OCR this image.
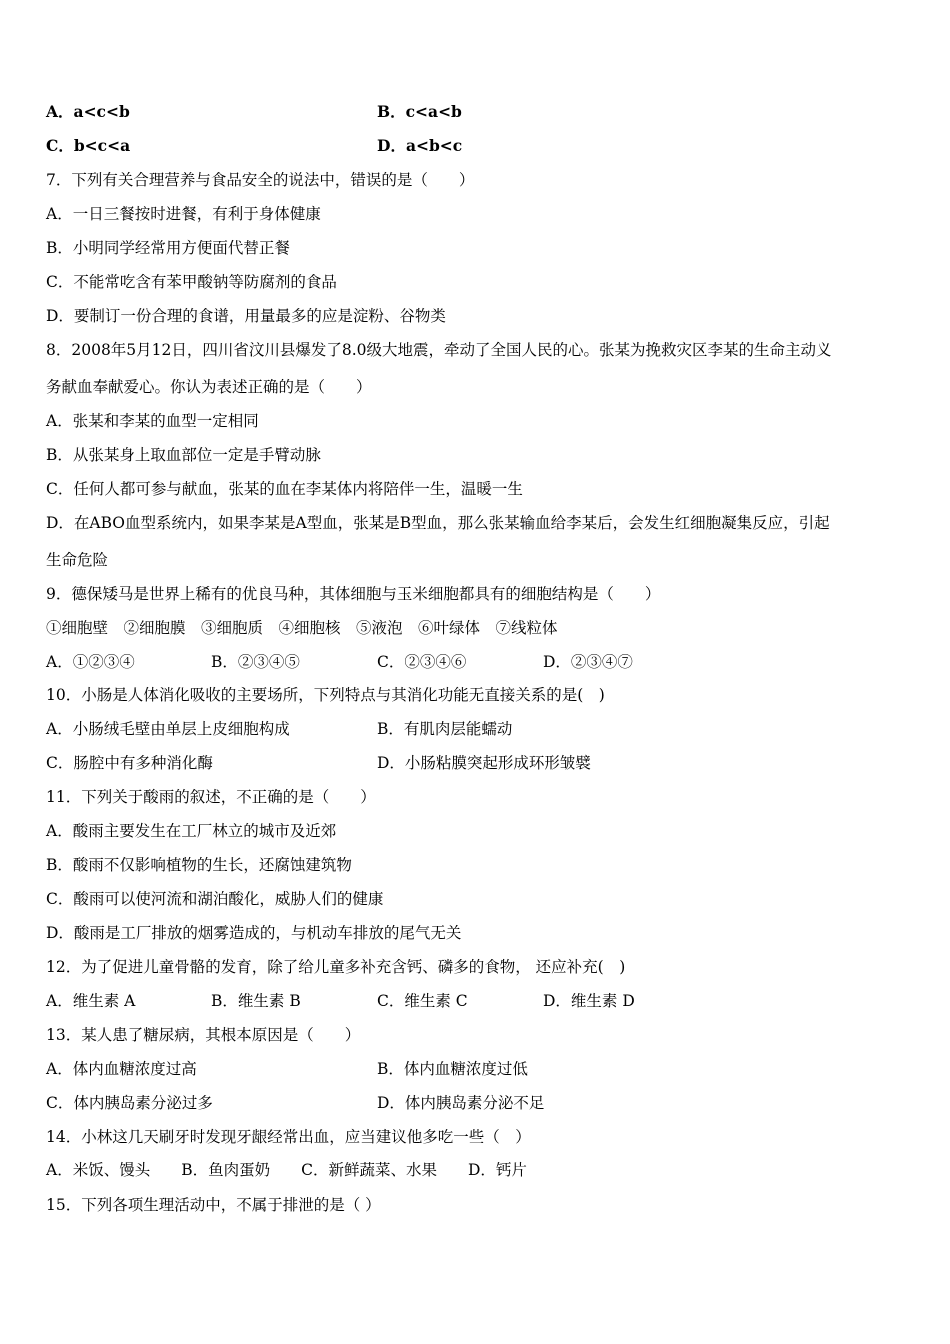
A．a<c<b	B．c<a<b
C．b<c<a	D．a<b<c
7．下列有关合理营养与食品安全的说法中，错误的是（　　）
A．一日三餐按时进餐，有利于身体健康
B．小明同学经常用方便面代替正餐
C．不能常吃含有苯甲酸钠等防腐剂的食品
D．要制订一份合理的食谱，用量最多的应是淀粉、谷物类
8．2008年5月12日，四川省汶川县爆发了8.0级大地震，牵动了全国人民的心。张某为挽救灾区李某的生命主动义
务献血奉献爱心。你认为表述正确的是（　　）
A．张某和李某的血型一定相同
B．从张某身上取血部位一定是手臂动脉
C．任何人都可参与献血，张某的血在李某体内将陪伴一生，温暖一生
D．在ABO血型系统内，如果李某是A型血，张某是B型血，那么张某输血给李某后，会发生红细胞凝集反应，引起
生命危险
9．德保矮马是世界上稀有的优良马种，其体细胞与玉米细胞都具有的细胞结构是（　　）
①细胞壁　②细胞膜　③细胞质　④细胞核　⑤液泡　⑥叶绿体　⑦线粒体
A．①②③④	B．②③④⑤	C．②③④⑥	D．②③④⑦
10．小肠是人体消化吸收的主要场所，下列特点与其消化功能无直接关系的是(　)
A．小肠绒毛壁由单层上皮细胞构成	B．有肌肉层能蠕动
C．肠腔中有多种消化酶	D．小肠粘膜突起形成环形皱襞
11．下列关于酸雨的叙述，不正确的是（　　）
A．酸雨主要发生在工厂林立的城市及近郊
B．酸雨不仅影响植物的生长，还腐蚀建筑物
C．酸雨可以使河流和湖泊酸化，威胁人们的健康
D．酸雨是工厂排放的烟雾造成的，与机动车排放的尾气无关
12．为了促进儿童骨骼的发育，除了给儿童多补充含钙、磷多的食物， 还应补充(　)
A．维生素 A	B．维生素 B	C．维生素 C	D．维生素 D
13．某人患了糖尿病，其根本原因是（　　）
A．体内血糖浓度过高	B．体内血糖浓度过低
C．体内胰岛素分泌过多	D．体内胰岛素分泌不足
14．小林这几天刷牙时发现牙龈经常出血，应当建议他多吃一些（　）
A．米饭、馒头　　B．鱼肉蛋奶　　C．新鲜蔬菜、水果　　D．钙片
15．下列各项生理活动中，不属于排泄的是（ ）
